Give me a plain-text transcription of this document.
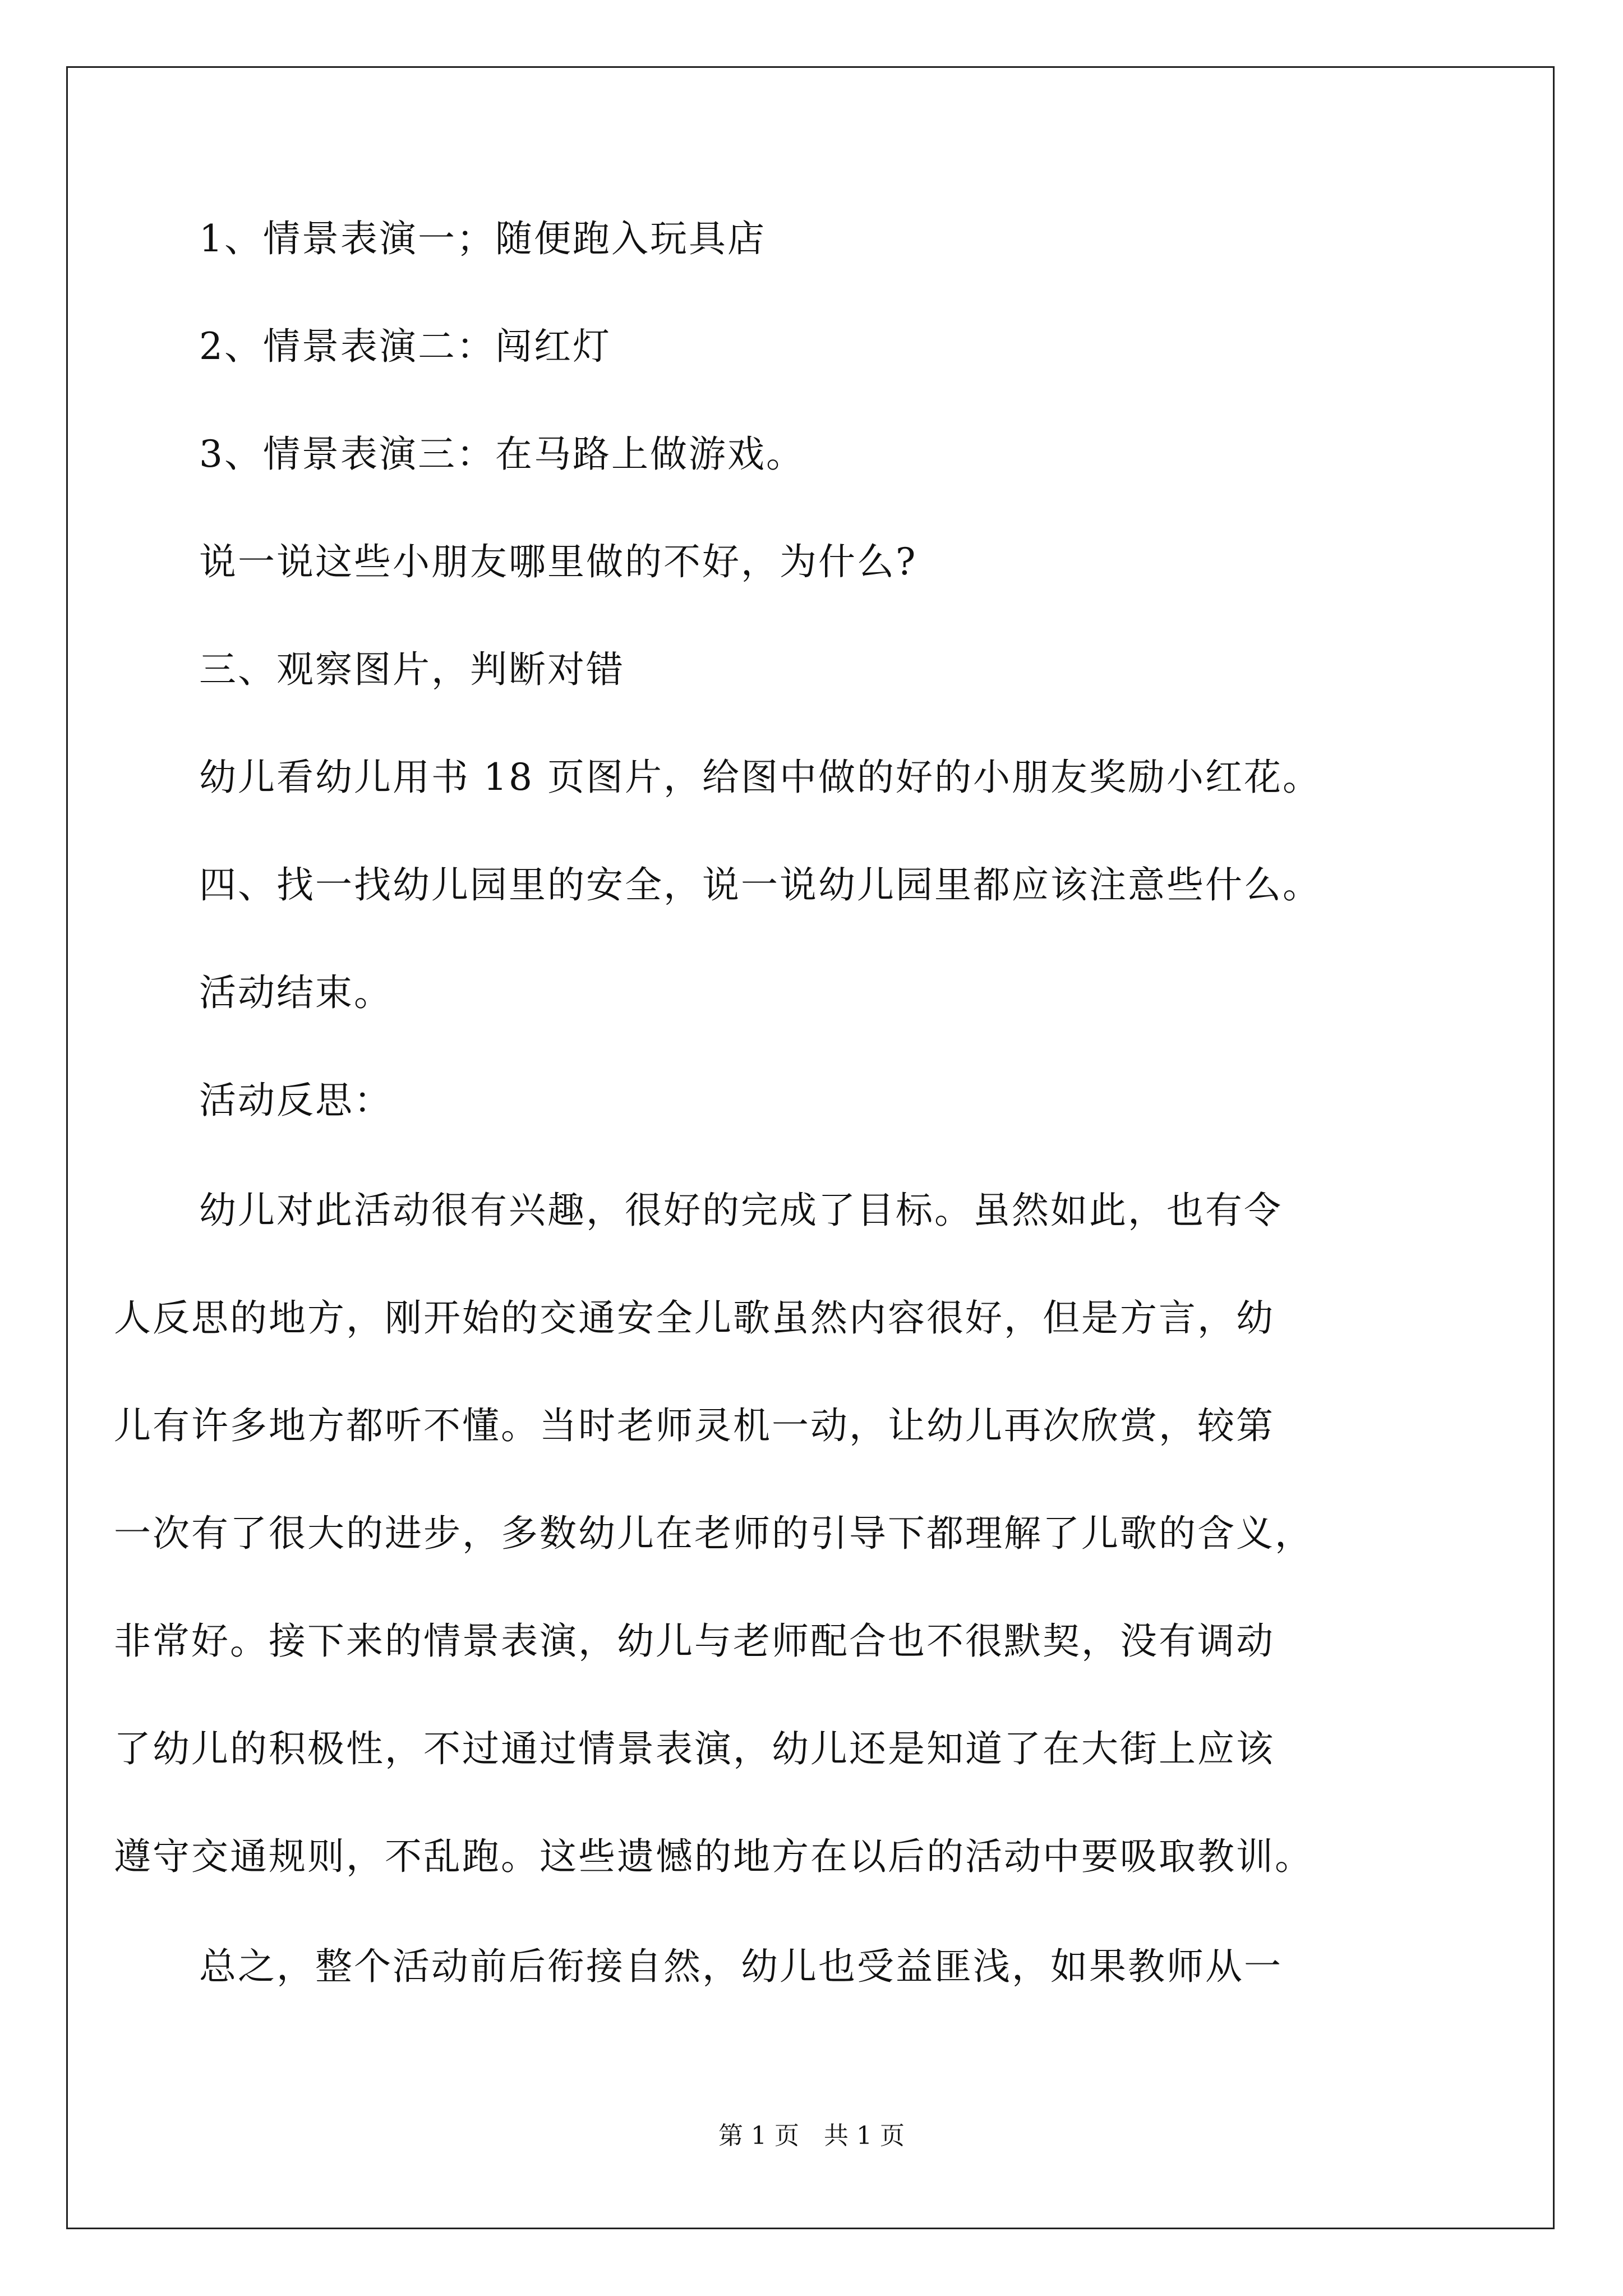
1、情景表演一；随便跑入玩具店
2、情景表演二：闯红灯
3、情景表演三：在马路上做游戏。
说一说这些小朋友哪里做的不好，为什么?
三、观察图片，判断对错
幼儿看幼儿用书 18 页图片，给图中做的好的小朋友奖励小红花。
四、找一找幼儿园里的安全，说一说幼儿园里都应该注意些什么。
活动结束。
活动反思：
幼儿对此活动很有兴趣，很好的完成了目标。虽然如此，也有令
人反思的地方，刚开始的交通安全儿歌虽然内容很好，但是方言，幼
儿有许多地方都听不懂。当时老师灵机一动，让幼儿再次欣赏，较第
一次有了很大的进步，多数幼儿在老师的引导下都理解了儿歌的含义，
非常好。接下来的情景表演，幼儿与老师配合也不很默契，没有调动
了幼儿的积极性，不过通过情景表演，幼儿还是知道了在大街上应该
遵守交通规则，不乱跑。这些遗憾的地方在以后的活动中要吸取教训。
总之，整个活动前后衔接自然，幼儿也受益匪浅，如果教师从一
第 1 页　共 1 页
